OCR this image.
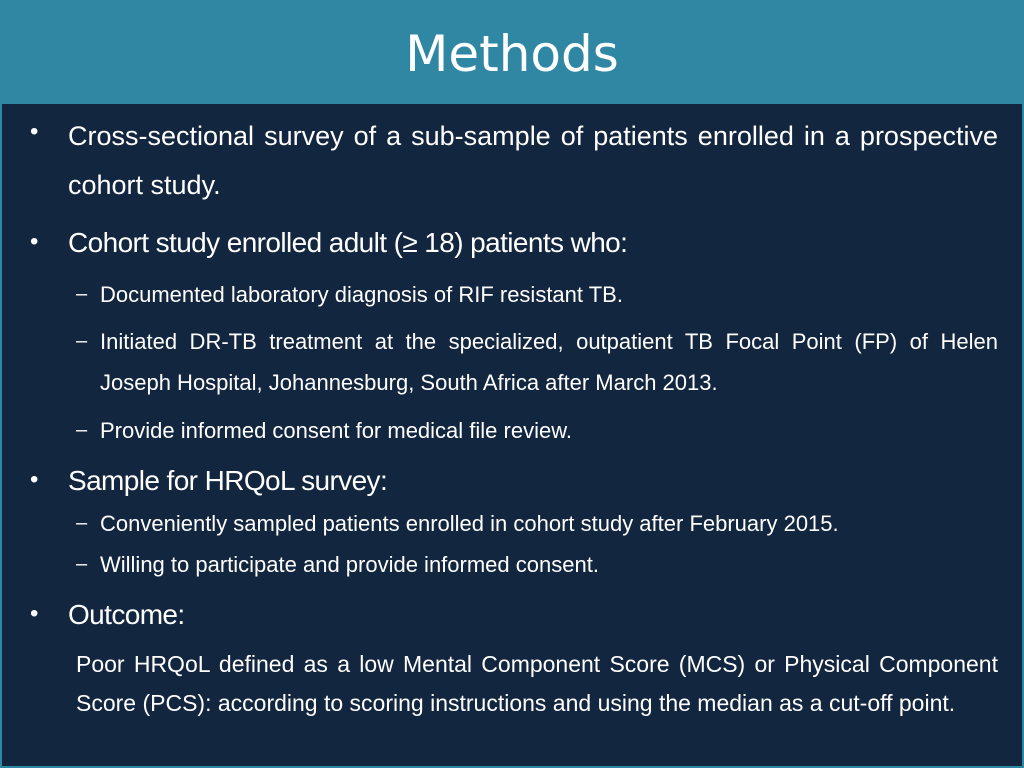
Methods
• Cross-sectional survey of a sub-sample of patients enrolled in a prospective cohort study.
• Cohort study enrolled adult (≥ 18) patients who:
– Documented laboratory diagnosis of RIF resistant TB.
– Initiated DR-TB treatment at the specialized, outpatient TB Focal Point (FP) of Helen Joseph Hospital, Johannesburg, South Africa after March 2013.
– Provide informed consent for medical file review.
• Sample for HRQoL survey:
– Conveniently sampled patients enrolled in cohort study after February 2015.
– Willing to participate and provide informed consent.
• Outcome:
Poor HRQoL defined as a low Mental Component Score (MCS) or Physical Component Score (PCS): according to scoring instructions and using the median as a cut-off point.
